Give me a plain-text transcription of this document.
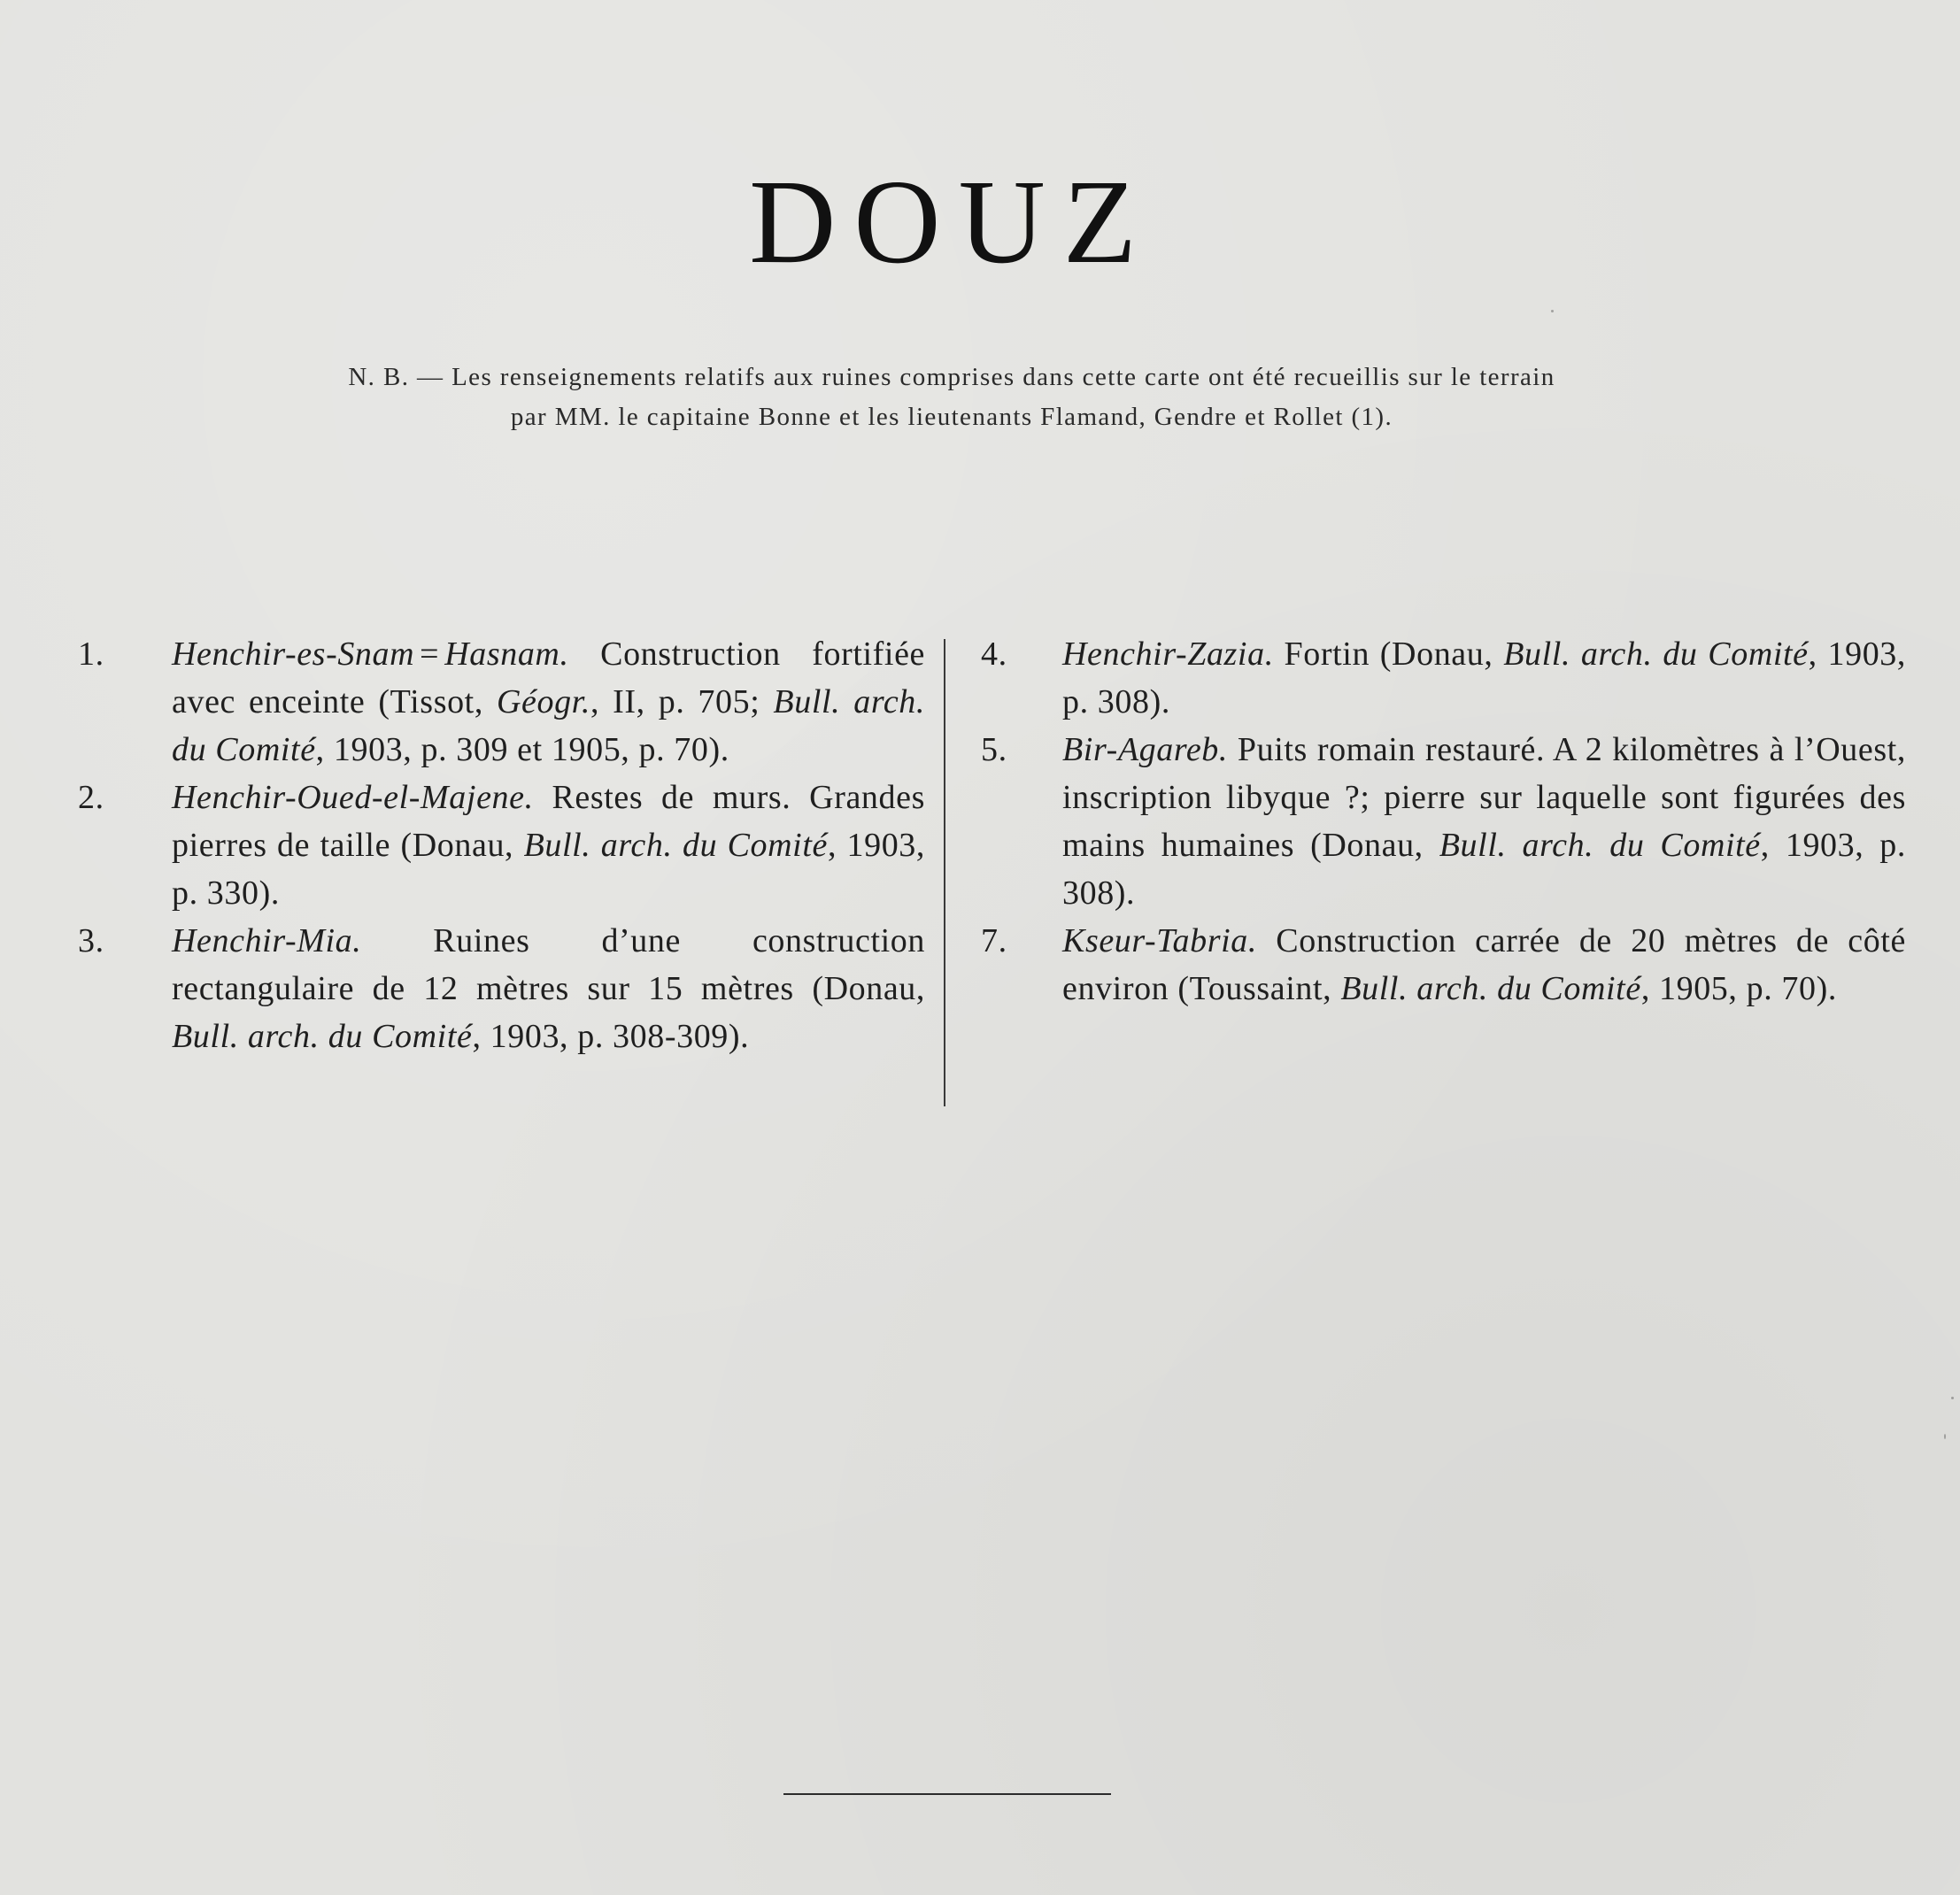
DOUZ
N. B. — Les renseignements relatifs aux ruines comprises dans cette carte ont été recueillis sur le terrain
par MM. le capitaine Bonne et les lieutenants Flamand, Gendre et Rollet (1).

1. Henchir-es-Snam = Hasnam. Construction fortifiée avec enceinte (Tissot, Géogr., II, p. 705; Bull. arch. du Comité, 1903, p. 309 et 1905, p. 70).

2. Henchir-Oued-el-Majene. Restes de murs. Grandes pierres de taille (Donau, Bull. arch. du Comité, 1903, p. 330).

3. Henchir-Mia. Ruines d’une construction rectangulaire de 12 mètres sur 15 mètres (Donau, Bull. arch. du Comité, 1903, p. 308-309).

4. Henchir-Zazia. Fortin (Donau, Bull. arch. du Comité, 1903, p. 308).

5. Bir-Agareb. Puits romain restauré. A 2 kilomètres à l’Ouest, inscription libyque ?; pierre sur laquelle sont figurées des mains humaines (Donau, Bull. arch. du Comité, 1903, p. 308).

7. Kseur-Tabria. Construction carrée de 20 mètres de côté environ (Toussaint, Bull. arch. du Comité, 1905, p. 70).
